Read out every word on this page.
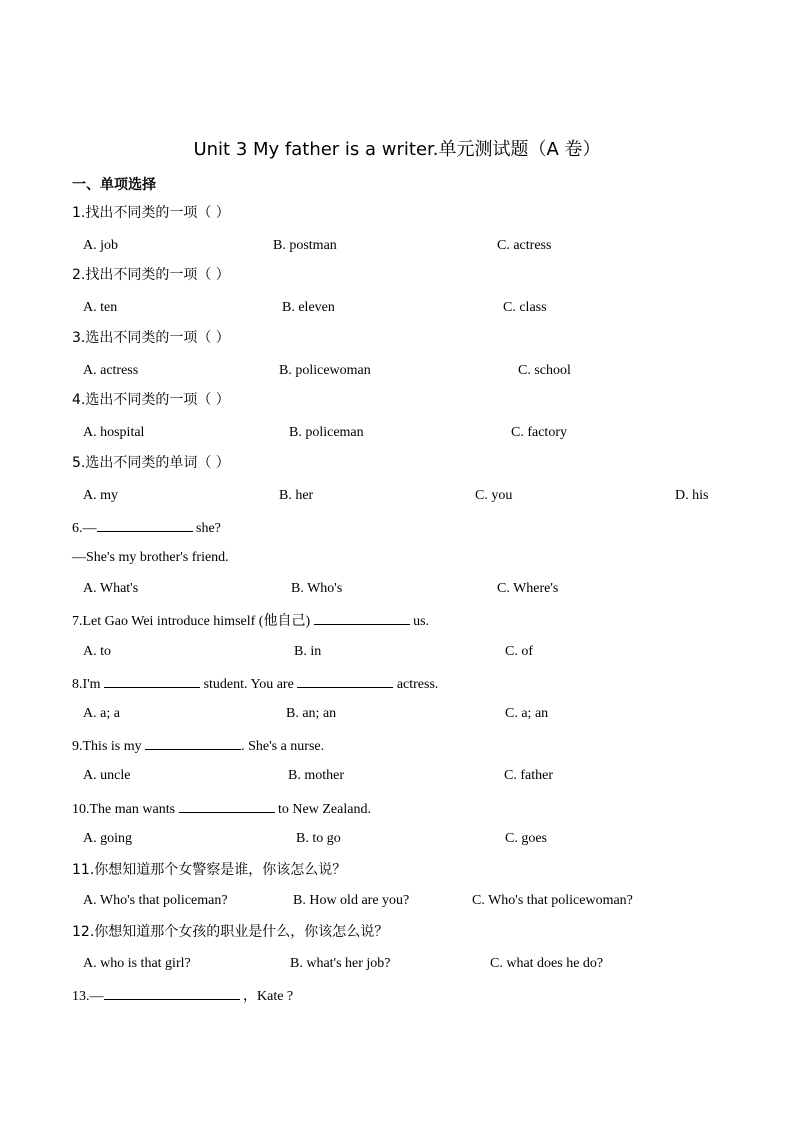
Unit 3 My father is a writer.单元测试题（A 卷）
一、单项选择
1.找出不同类的一项（ ）
A. job	B. postman	C. actress
2.找出不同类的一项（ ）
A. ten	B. eleven	C. class
3.选出不同类的一项（ ）
A. actress	B. policewoman	C. school
4.选出不同类的一项（ ）
A. hospital	B. policeman	C. factory
5.选出不同类的单词（ ）
A. my	B. her	C. you	D. his
6.—	she?
—She's my brother's friend.
A. What's	B. Who's	C. Where's
7.Let Gao Wei introduce himself (他自己)	us.
A. to	B. in	C. of
8.I'm	student. You are	actress.
A. a; a	B. an; an	C. a; an
9.This is my	. She's a nurse.
A. uncle	B. mother	C. father
10.The man wants	to New Zealand.
A. going	B. to go	C. goes
11.你想知道那个女警察是谁，你该怎么说？
A. Who's that policeman?	B. How old are you?	C. Who's that policewoman?
12.你想知道那个女孩的职业是什么，你该怎么说？
A. who is that girl?	B. what's her job?	C. what does he do?
13.—	，Kate ?
